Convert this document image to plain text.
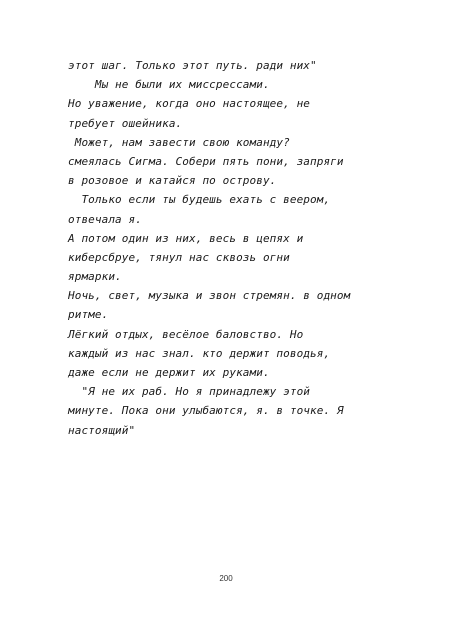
этот шаг. Только этот путь. ради них"
Мы не были их миссрессами.
Но уважение, когда оно настоящее, не
требует ошейника.
Может, нам завести свою команду?
смеялась Сигма. Собери пять пони, запряги
в розовое и катайся по острову.
Только если ты будешь ехать с веером,
отвечала я.
А потом один из них, весь в цепях и
киберсбруе, тянул нас сквозь огни
ярмарки.
Ночь, свет, музыка и звон стремян. в одном
ритме.
Лёгкий отдых, весёлое баловство. Но
каждый из нас знал. кто держит поводья,
даже если не держит их руками.
"Я не их раб. Но я принадлежу этой
минуте. Пока они улыбаются, я. в точке. Я
настоящий"
200
